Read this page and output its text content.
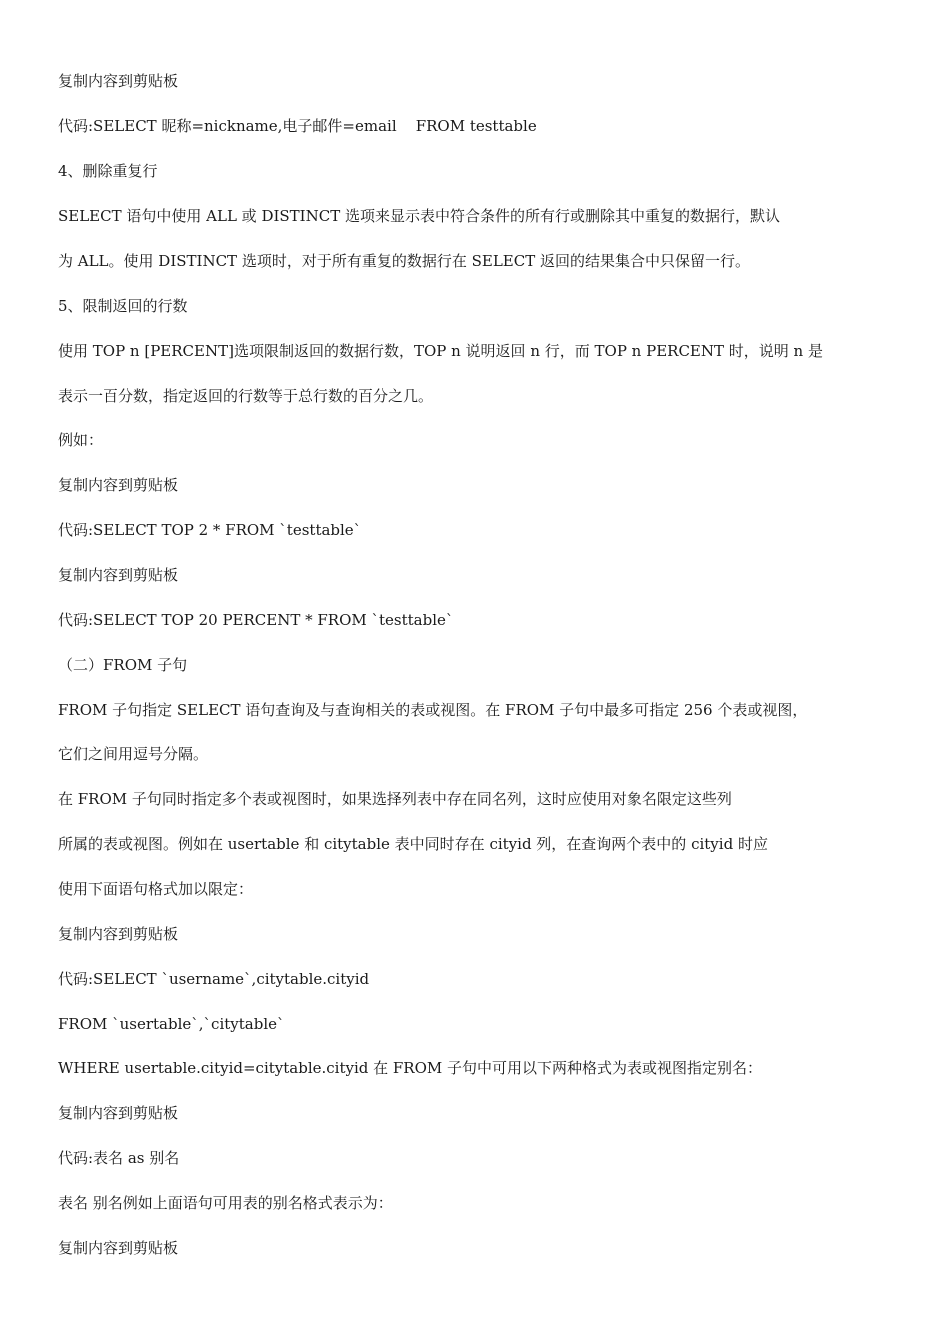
复制内容到剪贴板
代码:SELECT 昵称=nickname,电子邮件=email    FROM testtable
4、删除重复行
SELECT 语句中使用 ALL 或 DISTINCT 选项来显示表中符合条件的所有行或删除其中重复的数据行，默认
为 ALL。使用 DISTINCT 选项时，对于所有重复的数据行在 SELECT 返回的结果集合中只保留一行。
5、限制返回的行数
使用 TOP n [PERCENT]选项限制返回的数据行数，TOP n 说明返回 n 行，而 TOP n PERCENT 时，说明 n 是
表示一百分数，指定返回的行数等于总行数的百分之几。
例如：
复制内容到剪贴板
代码:SELECT TOP 2 * FROM `testtable`
复制内容到剪贴板
代码:SELECT TOP 20 PERCENT * FROM `testtable`
（二）FROM 子句
FROM 子句指定 SELECT 语句查询及与查询相关的表或视图。在 FROM 子句中最多可指定 256 个表或视图，
它们之间用逗号分隔。
在 FROM 子句同时指定多个表或视图时，如果选择列表中存在同名列，这时应使用对象名限定这些列
所属的表或视图。例如在 usertable 和 citytable 表中同时存在 cityid 列，在查询两个表中的 cityid 时应
使用下面语句格式加以限定：
复制内容到剪贴板
代码:SELECT `username`,citytable.cityid
FROM `usertable`,`citytable`
WHERE usertable.cityid=citytable.cityid 在 FROM 子句中可用以下两种格式为表或视图指定别名：
复制内容到剪贴板
代码:表名 as 别名
表名 别名例如上面语句可用表的别名格式表示为：
复制内容到剪贴板
